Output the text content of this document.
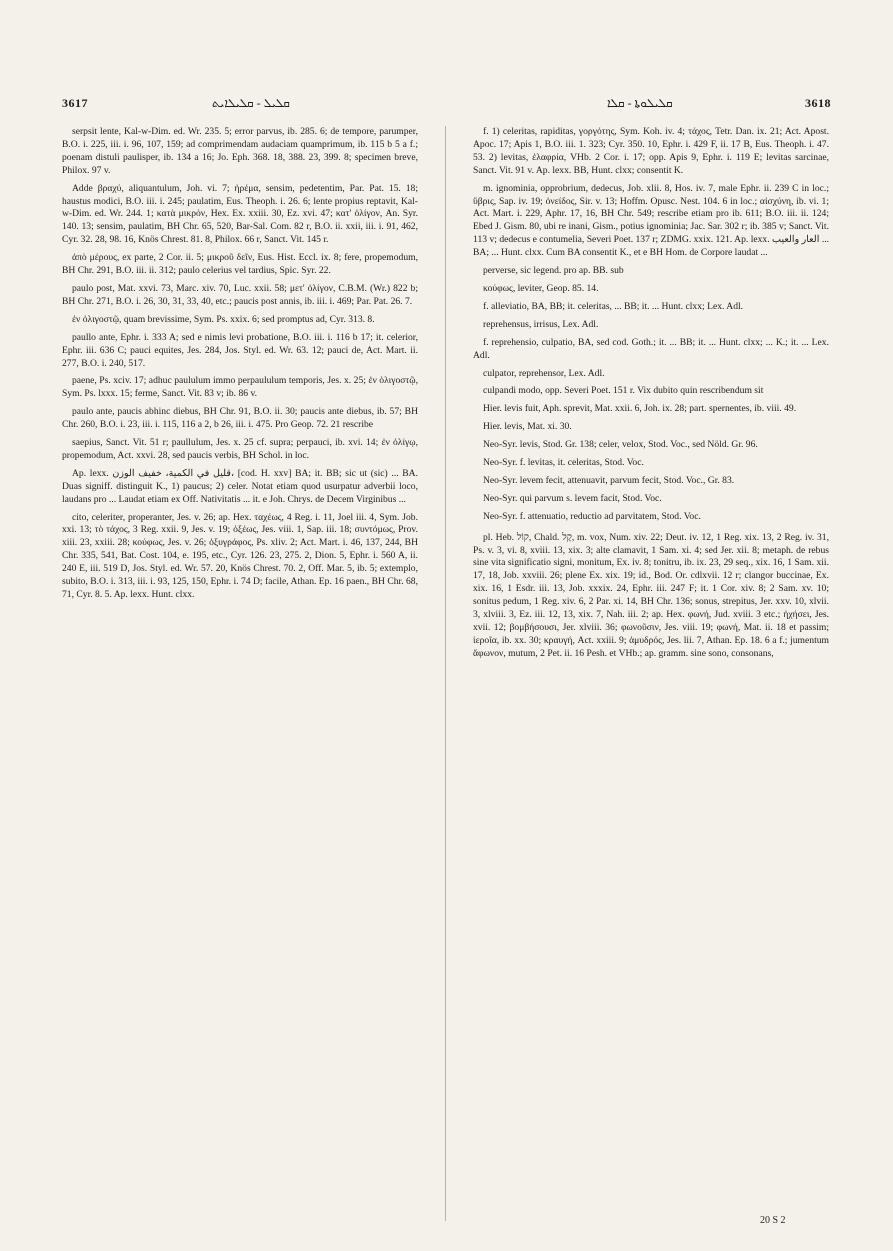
3617	ܩܠܝܠ - ܩܠܝܠܐܝܬ	ܩܠܝܠܘܬܐ - ܩܠܐ	3618

serpsit lente, Kal-w-Dim. ed. Wr. 235. 5; error parvus, ib. 285. 6; de tempore, parumper, B.O. i. 225, iii. i. 96, 107, 159; ad comprimendam audaciam quamprimum, ib. 115 b 5 a f.; poenam distuli paulisper, ib. 134 a 16; Jo. Eph. 368. 18, 388. 23, 399. 8; specimen breve, Philox. 97 v.

Adde βραχύ, aliquantulum, Joh. vi. 7; ἠρέμα, sensim, pedetentim, Par. Pat. 15. 18; haustus modici, B.O. iii. i. 245; paulatim, Eus. Theoph. i. 26. 6; lente propius reptavit, Kal-w-Dim. ed. Wr. 244. 1; κατὰ μικρόν, Hex. Ex. xxiii. 30, Ez. xvi. 47; κατ' ὀλίγον, An. Syr. 140. 13; sensim, paulatim, BH Chr. 65, 520, Bar-Sal. Com. 82 r, B.O. ii. xxii, iii. i. 91, 462, Cyr. 32. 28, 98. 16, Knös Chrest. 81. 8, Philox. 66 r, Sanct. Vit. 145 r.

ἀπὸ μέρους, ex parte, 2 Cor. ii. 5; μικροῦ δεῖν, Eus. Hist. Eccl. ix. 8; fere, propemodum, BH Chr. 291, B.O. iii. ii. 312; paulo celerius vel tardius, Spic. Syr. 22.

paulo post, Mat. xxvi. 73, Marc. xiv. 70, Luc. xxii. 58; μετ' ὀλίγον, C.B.M. (Wr.) 822 b; BH Chr. 271, B.O. i. 26, 30, 31, 33, 40, etc.; paucis post annis, ib. iii. i. 469; Par. Pat. 26. 7.

ἐν ὀλιγοστῷ, quam brevissime, Sym. Ps. xxix. 6; sed promptus ad, Cyr. 313. 8.

paullo ante, Ephr. i. 333 A; sed e nimis levi probatione, B.O. iii. i. 116 b 17; it. celerior, Ephr. iii. 636 C; pauci equites, Jes. 284, Jos. Styl. ed. Wr. 63. 12; pauci de, Act. Mart. ii. 277, B.O. i. 240, 517.

paene, Ps. xciv. 17; adhuc paululum immo perpaululum temporis, Jes. x. 25; ἐν ὀλιγοστῷ, Sym. Ps. lxxx. 15; ferme, Sanct. Vit. 83 v; ib. 86 v.

paulo ante, paucis abhinc diebus, BH Chr. 91, B.O. ii. 30; paucis ante diebus, ib. 57; BH Chr. 260, B.O. i. 23, iii. i. 115, 116 a 2, b 26, iii. i. 475. Pro Geop. 72. 21 rescribe

saepius, Sanct. Vit. 51 r; paullulum, Jes. x. 25 cf. supra; perpauci, ib. xvi. 14; ἐν ὀλίγῳ, propemodum, Act. xxvi. 28, sed paucis verbis, BH Schol. in loc.

Ap. lexx. قليل في الكمية، خفيف الوزن، [cod. H. xxv] BA; it. BB; sic ut (sic) ... BA. Duas signiff. distinguit K., 1) paucus; 2) celer. Notat etiam quod usurpatur adverbii loco, laudans pro ... Laudat etiam ex Off. Nativitatis ... it. e Joh. Chrys. de Decem Virginibus ...

cito, celeriter, properanter, Jes. v. 26; ap. Hex. ταχέως, 4 Reg. i. 11, Joel iii. 4, Sym. Job. xxi. 13; τὸ τάχος, 3 Reg. xxii. 9, Jes. v. 19; ὀξέως, Jes. viii. 1, Sap. iii. 18; συντόμως, Prov. xiii. 23, xxiii. 28; κούφως, Jes. v. 26; ὀξυγράφος, Ps. xliv. 2; Act. Mart. i. 46, 137, 244, BH Chr. 335, 541, Bat. Cost. 104, e. 195, etc., Cyr. 126. 23, 275. 2, Dion. 5, Ephr. i. 560 A, ii. 240 E, iii. 519 D, Jos. Styl. ed. Wr. 57. 20, Knös Chrest. 70. 2, Off. Mar. 5, ib. 5; extemplo, subito, B.O. i. 313, iii. i. 93, 125, 150, Ephr. i. 74 D; facile, Athan. Ep. 16 paen., BH Chr. 68, 71, Cyr. 8. 5. Ap. lexx. Hunt. clxx.

f. 1) celeritas, rapiditas, γοργότης, Sym. Koh. iv. 4; τάχος, Tetr. Dan. ix. 21; Act. Apost. Apoc. 17; Apis 1, B.O. iii. 1. 323; Cyr. 350. 10, Ephr. i. 429 F, ii. 17 B, Eus. Theoph. i. 47. 53. 2) levitas, ἐλαφρία, VHb. 2 Cor. i. 17; opp. Apis 9, Ephr. i. 119 E; levitas sarcinae, Sanct. Vit. 91 v. Ap. lexx. BB, Hunt. clxx; consentit K.

m. ignominia, opprobrium, dedecus, Job. xlii. 8, Hos. iv. 7, male Ephr. ii. 239 C in loc.; ὕβρις, Sap. iv. 19; ὀνείδος, Sir. v. 13; Hoffm. Opusc. Nest. 104. 6 in loc.; αἰσχύνη, ib. vi. 1; Act. Mart. i. 229, Aphr. 17, 16, BH Chr. 549; rescribe etiam pro ib. 611; B.O. iii. ii. 124; Ebed J. Gism. 80, ubi re inani, Gism., potius ignominia; Jac. Sar. 302 r; ib. 385 v; Sanct. Vit. 113 v; dedecus e contumelia, Severi Poet. 137 r; ZDMG. xxix. 121. Ap. lexx. العار والعيب ... BA; ... Hunt. clxx. Cum BA consentit K., et e BH Hom. de Corpore laudat ...

perverse, sic legend. pro ap. BB. sub

κούφως, leviter, Geop. 85. 14.

f. alleviatio, BA, BB; it. celeritas, ... BB; it. ... Hunt. clxx; Lex. Adl.

reprehensus, irrisus, Lex. Adl.

f. reprehensio, culpatio, BA, sed cod. Goth.; it. ... BB; it. ... Hunt. clxx; ... K.; it. ... Lex. Adl.

culpator, reprehensor, Lex. Adl.

culpandi modo, opp. Severi Poet. 151 r. Vix dubito quin rescribendum sit

Hier. levis fuit, Aph. sprevit, Mat. xxii. 6, Joh. ix. 28; part. spernentes, ib. viii. 49.

Hier. levis, Mat. xi. 30.

Neo-Syr. levis, Stod. Gr. 138; celer, velox, Stod. Voc., sed Nöld. Gr. 96.

Neo-Syr. f. levitas, it. celeritas, Stod. Voc.

Neo-Syr. levem fecit, attenuavit, parvum fecit, Stod. Voc., Gr. 83.

Neo-Syr. qui parvum s. levem facit, Stod. Voc.

Neo-Syr. f. attenuatio, reductio ad parvitatem, Stod. Voc.

pl. Heb. קוֹל, Chald. קָל, m. vox, Num. xiv. 22; Deut. iv. 12, 1 Reg. xix. 13, 2 Reg. iv. 31, Ps. v. 3, vi. 8, xviii. 13, xix. 3; alte clamavit, 1 Sam. xi. 4; sed Jer. xii. 8; metaph. de rebus sine vita significatio signi, monitum, Ex. iv. 8; tonitru, ib. ix. 23, 29 seq., xix. 16, 1 Sam. xii. 17, 18, Job. xxviii. 26; plene Ex. xix. 19; id., Bod. Or. cdlxvii. 12 r; clangor buccinae, Ex. xix. 16, 1 Esdr. iii. 13, Job. xxxix. 24, Ephr. iii. 247 F; it. 1 Cor. xiv. 8; 2 Sam. xv. 10; sonitus pedum, 1 Reg. xiv. 6, 2 Par. xi. 14, BH Chr. 136; sonus, strepitus, Jer. xxv. 10, xlvii. 3, xlviii. 3, Ez. iii. 12, 13, xix. 7, Nah. iii. 2; ap. Hex. φωνή, Jud. xviii. 3 etc.; ἠχήσει, Jes. xvii. 12; βομβήσουσι, Jer. xlviii. 36; φωνοῦσιν, Jes. viii. 19; φωνή, Mat. ii. 18 et passim; ἱεροῖα, ib. xx. 30; κραυγή, Act. xxiii. 9; ἀμυδρός, Jes. lii. 7, Athan. Ep. 18. 6 a f.; jumentum ἄφωνον, mutum, 2 Pet. ii. 16 Pesh. et VHb.; ap. gramm. sine sono, consonans,

20 S 2
